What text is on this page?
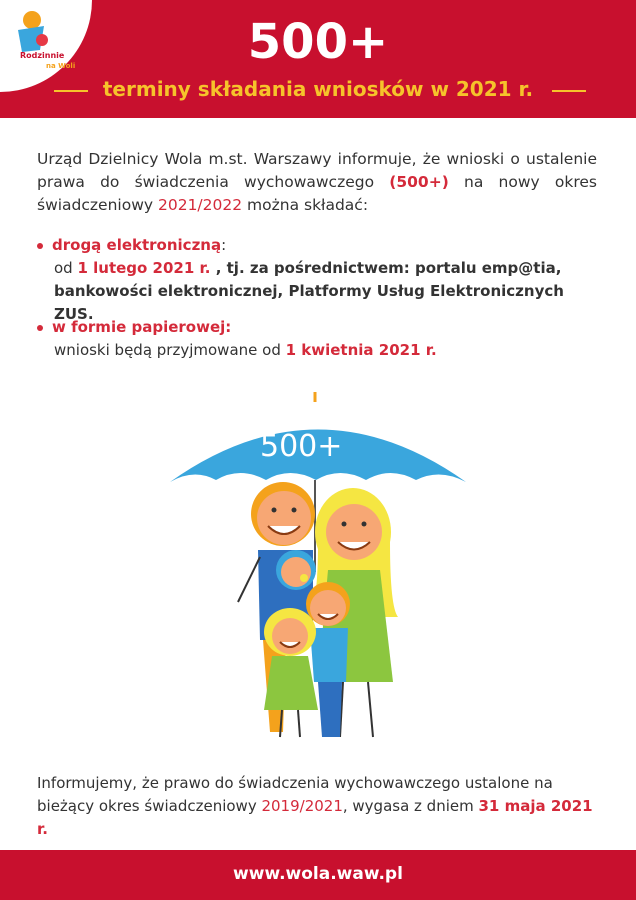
Rodzinnie
na Woli	500+
terminy składania wniosków w 2021 r.
Urząd Dzielnicy Wola m.st. Warszawy informuje, że wnioski o ustalenie prawa do świadczenia wychowawczego (500+) na nowy okres świadczeniowy 2021/2022 można składać:
drogą elektroniczną:
od 1 lutego 2021 r. , tj. za pośrednictwem: portalu emp@tia,
bankowości elektronicznej, Platformy Usług Elektronicznych ZUS.
w formie papierowej:
wnioski będą przyjmowane od 1 kwietnia 2021 r.
RODZINA
500+
Informujemy, że prawo do świadczenia wychowawczego ustalone na bieżący okres świadczeniowy 2019/2021, wygasa z dniem 31 maja 2021 r.
www.wola.waw.pl
